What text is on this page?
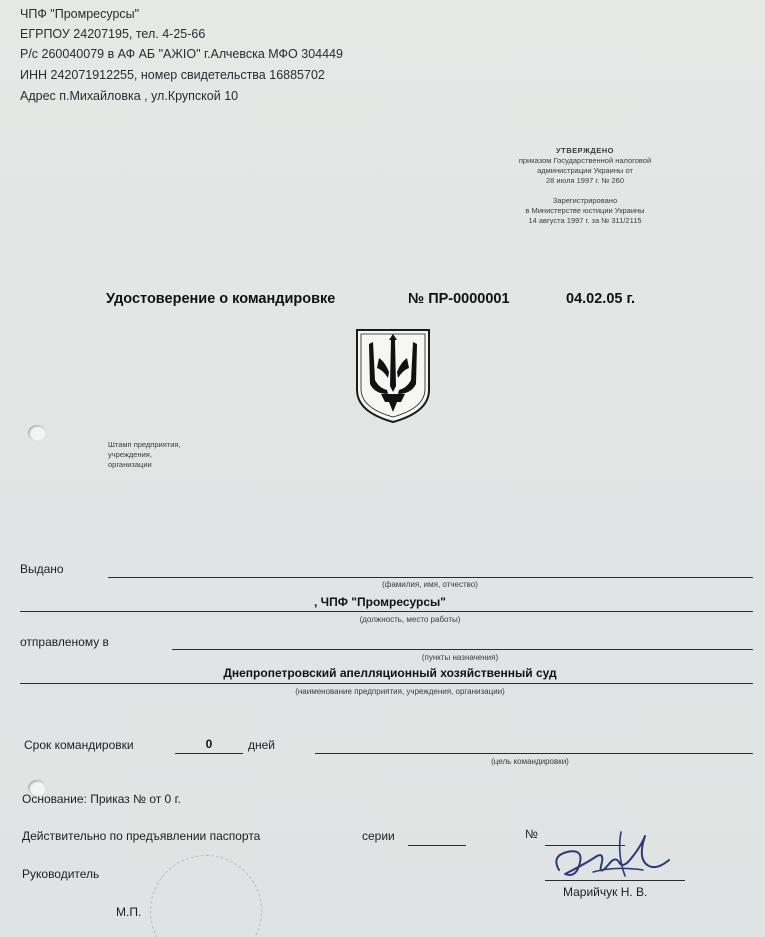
ЧПФ "Промресурсы"
ЕГРПОУ 24207195, тел. 4-25-66
Р/с 260040079 в АФ АБ "АЖІО" г.Алчевска МФО 304449
ИНН 242071912255, номер свидетельства 16885702
Адрес п.Михайловка , ул.Крупской 10
УТВЕРЖДЕНО
приказом Государственной налоговой
администрации Украины от
28 июля 1997 г. № 260
Зарегистрировано
в Министерстве юстиции Украины
14 августа 1997 г. за № 311/2115
Удостоверение о командировке	№ ПР-0000001	04.02.05 г.
Штамп предприятия,
учреждения,
организации
Выдано
(фамилия, имя, отчество)
, ЧПФ "Промресурсы"
(должность, место работы)
отправленому в
(пункты назначения)
Днепропетровский апелляционный хозяйственный суд
(наименование предприятия, учреждения, организации)
Срок командировки	0	дней
(цель командировки)
Основание: Приказ № от 0 г.
Действительно по предъявлении паспорта	серии	№
Руководитель
Марийчук Н. В.
М.П.
